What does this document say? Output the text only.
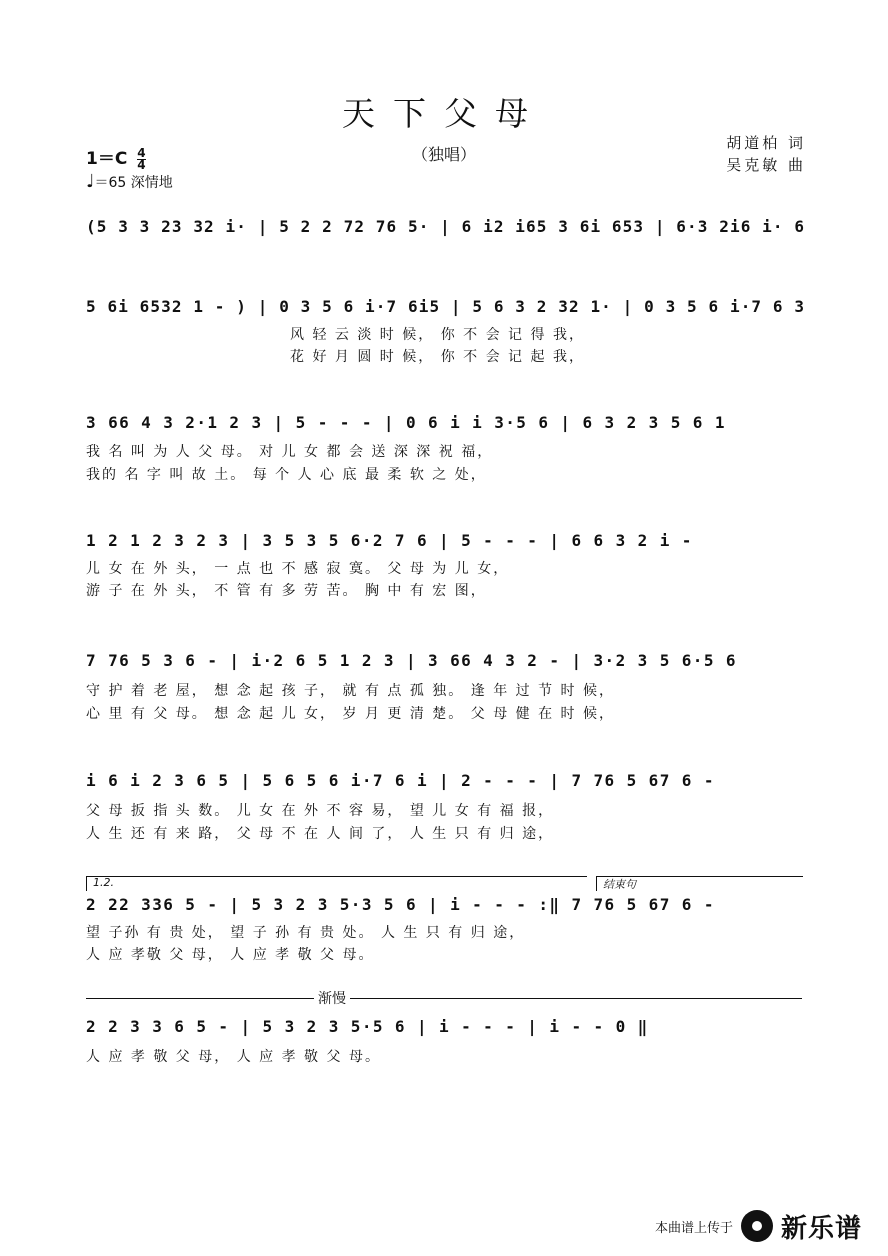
天下父母
（独唱）
胡道柏 词
吴克敏 曲
$1=C \frac{4}{4}$
♩＝65 深情地
(5 3 3 23 32 i· | 5 2 2 72 76 5· | 6 i2 i65 3 6i 653 | 6·3 2i6 i· 6
5 6i 6532 1 - ) | 0 3 5 6 i·7 6i5 | 5 6 3 2 32 1· | 0 3 5 6 i·7 6 3
风 轻 云 淡 时 候， 你 不 会 记 得 我，
花 好 月 圆 时 候， 你 不 会 记 起 我，
3 66 4 3 2·1 2 3 | 5 - - - | 0 6 i i 3·5 6 | 6 3 2 3 5 6 1
我 名 叫 为 人 父 母。 对 儿 女 都 会 送 深 深 祝 福，
我的 名 字 叫 故 土。 每 个 人 心 底 最 柔 软 之 处，
1 2 1 2 3 2 3 | 3 5 3 5 6·2 7 6 | 5 - - - | 6 6 3 2 i -
儿 女 在 外 头， 一 点 也 不 感 寂 寞。 父 母 为 儿 女，
游 子 在 外 头， 不 管 有 多 劳 苦。 胸 中 有 宏 图，
7 76 5 3 6 - | i·2 6 5 1 2 3 | 3 66 4 3 2 - | 3·2 3 5 6·5 6
守 护 着 老 屋， 想 念 起 孩 子， 就 有 点 孤 独。 逢 年 过 节 时 候，
心 里 有 父 母。 想 念 起 儿 女， 岁 月 更 清 楚。 父 母 健 在 时 候，
i 6 i 2 3 6 5 | 5 6 5 6 i·7 6 i | 2 - - - | 7 76 5 67 6 -
父 母 扳 指 头 数。 儿 女 在 外 不 容 易， 望 儿 女 有 福 报，
人 生 还 有 来 路， 父 母 不 在 人 间 了， 人 生 只 有 归 途，
1.2.	结束句
2 22 336 5 - | 5 3 2 3 5·3 5 6 | i - - - :‖ 7 76 5 67 6 -
望 子孙 有 贵 处， 望 子 孙 有 贵 处。 人 生 只 有 归 途，
人 应 孝敬 父 母， 人 应 孝 敬 父 母。
渐慢
2 2 3 3 6 5 - | 5 3 2 3 5·5 6 | i - - - | i - - 0 ‖
人 应 孝 敬 父 母， 人 应 孝 敬 父 母。
本曲谱上传于 新乐谱
